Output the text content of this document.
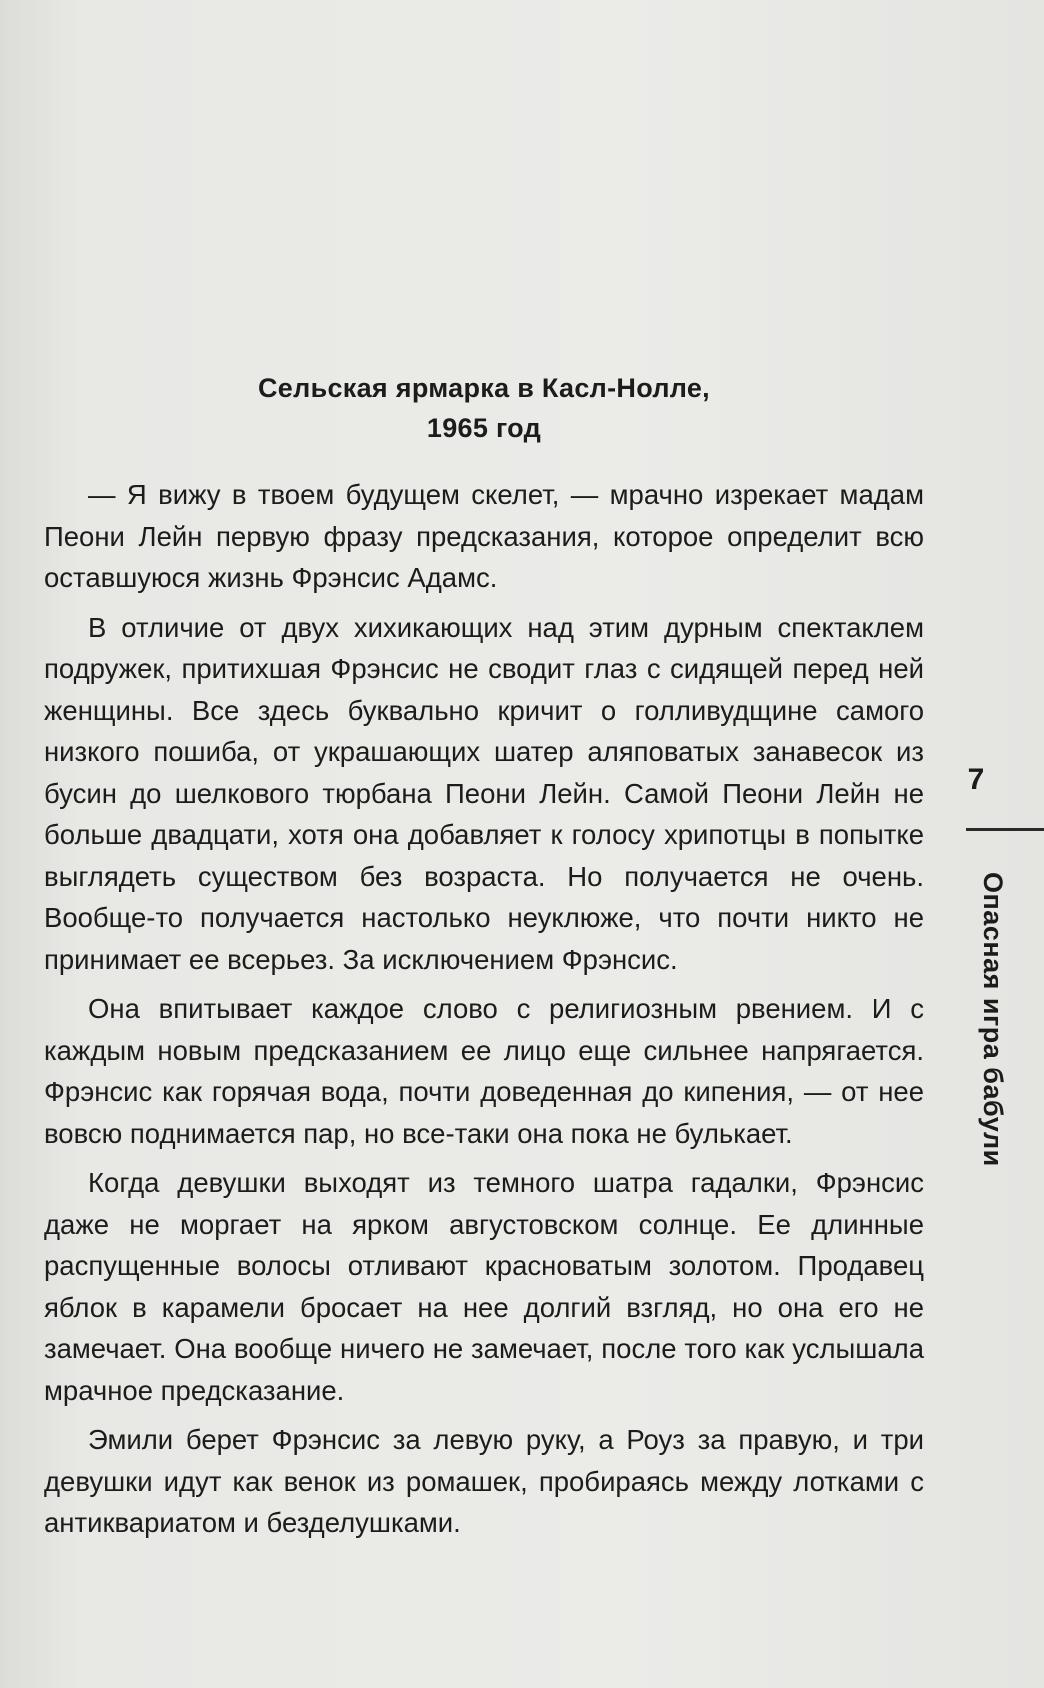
Сельская ярмарка в Касл-Нолле,
1965 год

— Я вижу в твоем будущем скелет, — мрачно изрекает мадам Пеони Лейн первую фразу предсказания, которое определит всю оставшуюся жизнь Фрэнсис Адамс.

В отличие от двух хихикающих над этим дурным спектаклем подружек, притихшая Фрэнсис не сводит глаз с сидящей перед ней женщины. Все здесь буквально кричит о голливудщине самого низкого пошиба, от украшающих шатер аляповатых занавесок из бусин до шелкового тюрбана Пеони Лейн. Самой Пеони Лейн не больше двадцати, хотя она добавляет к голосу хрипотцы в попытке выглядеть существом без возраста. Но получается не очень. Вообще-то получается настолько неуклюже, что почти никто не принимает ее всерьез. За исключением Фрэнсис.

Она впитывает каждое слово с религиозным рвением. И с каждым новым предсказанием ее лицо еще сильнее напрягается. Фрэнсис как горячая вода, почти доведенная до кипения, — от нее вовсю поднимается пар, но все-таки она пока не булькает.

Когда девушки выходят из темного шатра гадалки, Фрэнсис даже не моргает на ярком августовском солнце. Ее длинные распущенные волосы отливают красноватым золотом. Продавец яблок в карамели бросает на нее долгий взгляд, но она его не замечает. Она вообще ничего не замечает, после того как услышала мрачное предсказание.

Эмили берет Фрэнсис за левую руку, а Роуз за правую, и три девушки идут как венок из ромашек, пробираясь между лотками с антиквариатом и безделушками.

7
Опасная игра бабули
